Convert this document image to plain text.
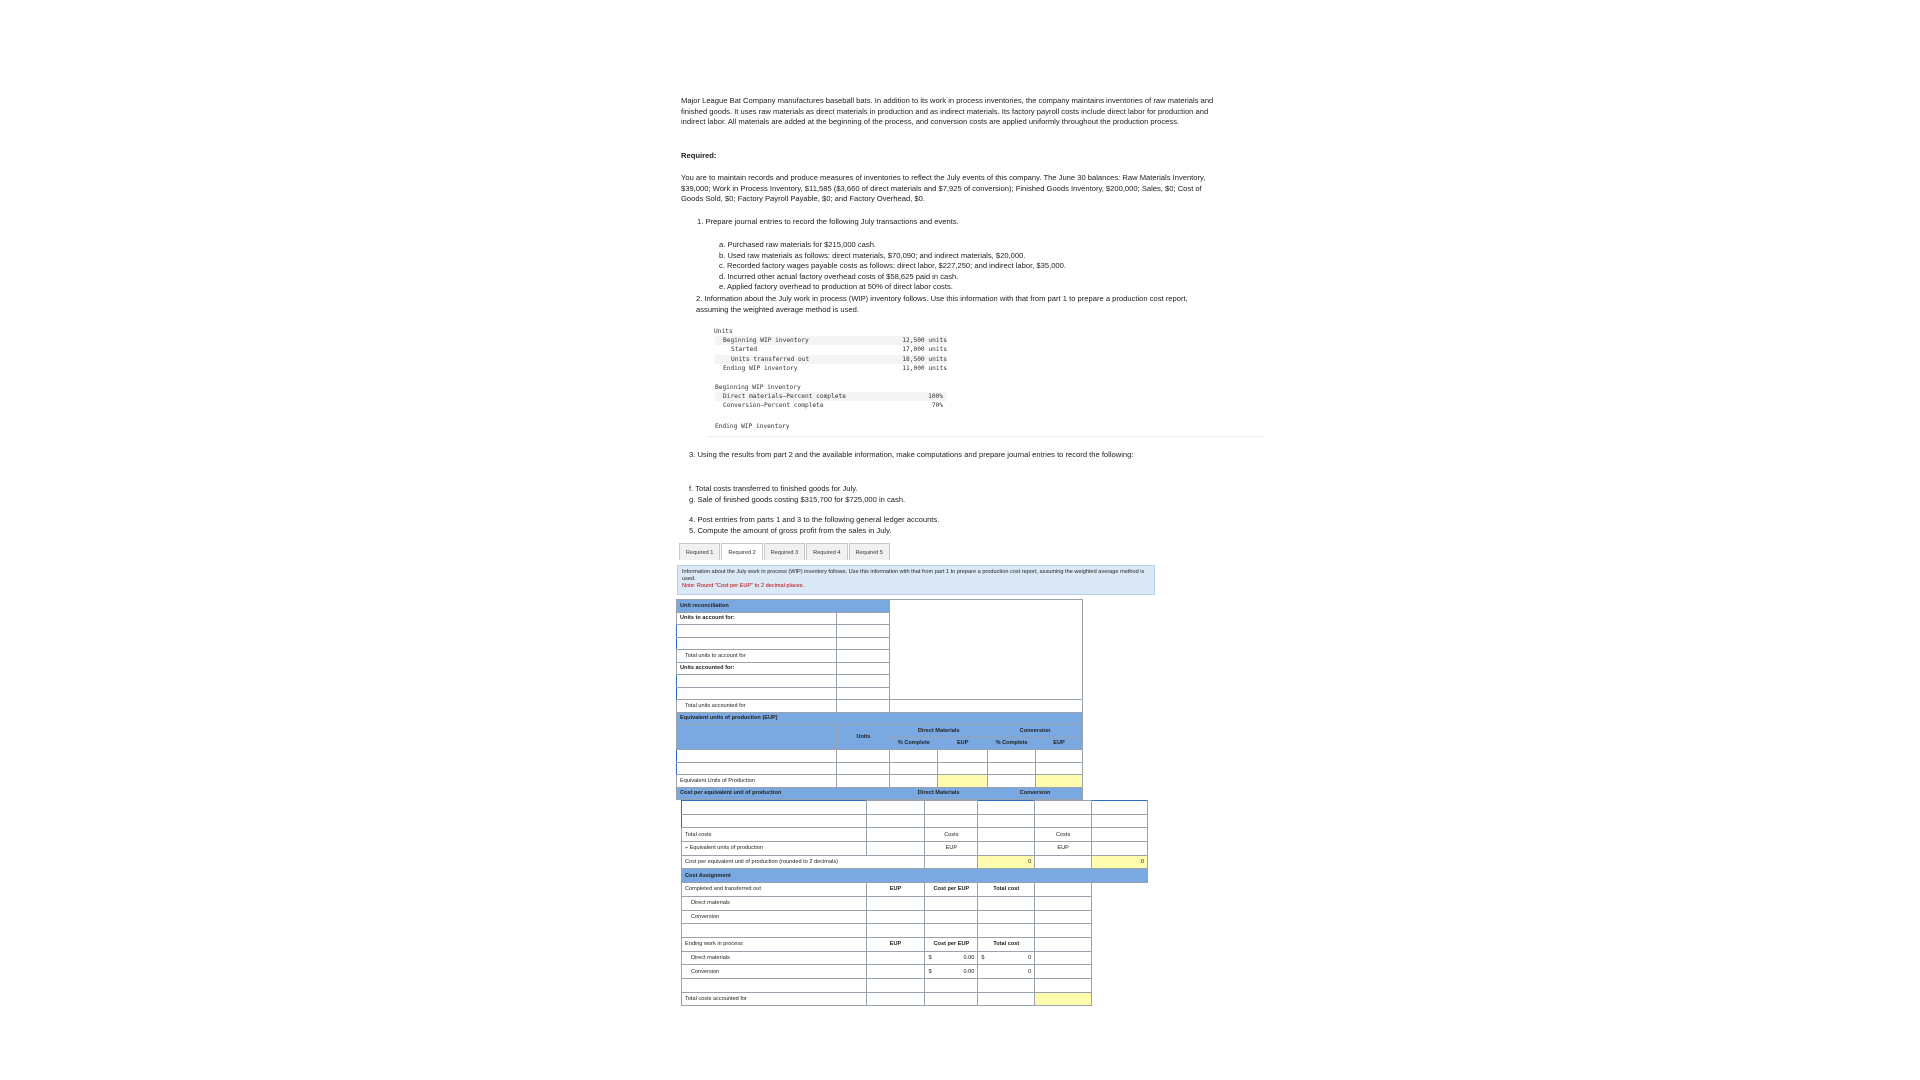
Major League Bat Company manufactures baseball bats. In addition to its work in process inventories, the company maintains inventories of raw materials and finished goods. It uses raw materials as direct materials in production and as indirect materials. Its factory payroll costs include direct labor for production and indirect labor. All materials are added at the beginning of the process, and conversion costs are applied uniformly throughout the production process.
Required:
You are to maintain records and produce measures of inventories to reflect the July events of this company. The June 30 balances: Raw Materials Inventory, $39,000; Work in Process Inventory, $11,585 ($3,660 of direct materials and $7,925 of conversion); Finished Goods Inventory, $200,000; Sales, $0; Cost of Goods Sold, $0; Factory Payroll Payable, $0; and Factory Overhead, $0.
1. Prepare journal entries to record the following July transactions and events.
a. Purchased raw materials for $215,000 cash.
b. Used raw materials as follows: direct materials, $70,090; and indirect materials, $20,000.
c. Recorded factory wages payable costs as follows: direct labor, $227,250; and indirect labor, $35,000.
d. Incurred other actual factory overhead costs of $58,625 paid in cash.
e. Applied factory overhead to production at 50% of direct labor costs.
2. Information about the July work in process (WIP) inventory follows. Use this information with that from part 1 to prepare a production cost report, assuming the weighted average method is used.
Units
Beginning WIP inventory	12,500 units
Started	17,000 units
Units transferred out	18,500 units
Ending WIP inventory	11,000 units
Beginning WIP inventory
Direct materials—Percent complete	100%
Conversion—Percent complete	70%
Ending WIP inventory
3. Using the results from part 2 and the available information, make computations and prepare journal entries to record the following:
f. Total costs transferred to finished goods for July.
g. Sale of finished goods costing $315,700 for $725,000 in cash.
4. Post entries from parts 1 and 3 to the following general ledger accounts.
5. Compute the amount of gross profit from the sales in July.
Required 1	Required 2	Required 3	Required 4	Required 5
Information about the July work in process (WIP) inventory follows. Use this information with that from part 1 to prepare a production cost report, assuming the weighted average method is used.
Note: Round "Cost per EUP" to 2 decimal places.
Unit reconciliation					
Units to account for:					

Total units to account for					
Units accounted for:					

Total units accounted for					
Equivalent units of production (EUP)					
	Units	Direct Materials		Conversion	
		% Complete	EUP	% Complete	EUP

Equivalent Units of Production					
Cost per equivalent unit of production		Direct Materials		Conversion	

Total costs		Costs		Costs	
÷ Equivalent units of production		EUP		EUP	
Cost per equivalent unit of production (rounded to 2 decimals)			0		0
Cost Assignment					
Completed and transferred out	EUP	Cost per EUP	Total cost		
Direct materials					
Conversion					

Ending work in process	EUP	Cost per EUP	Total cost		
Direct materials		$ 0.00	$ 0		

Conversion		$ 0.00	0		

Total costs accounted for					
